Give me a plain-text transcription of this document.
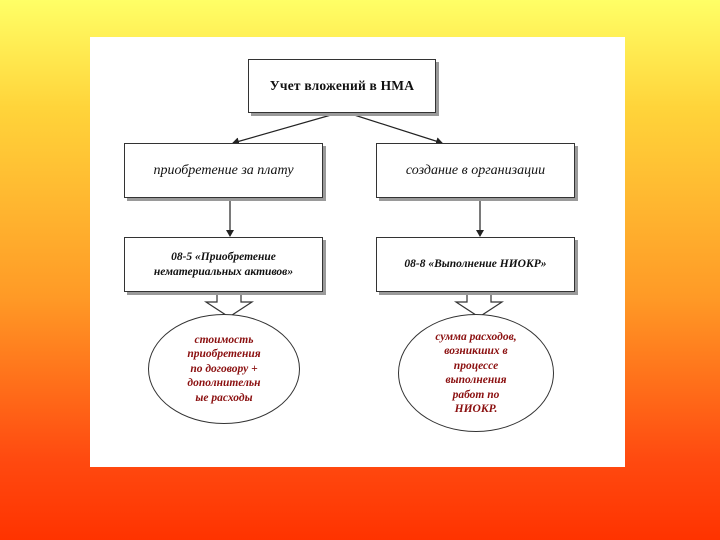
Учет вложений в НМА
приобретение за плату	создание в организации
08-5 «Приобретение
нематериальных активов»
08-8 «Выполнение НИОКР»
стоимость
приобретения
по договору +
дополнительн
ые расходы
сумма расходов,
возникших в
процессе
выполнения
работ по
НИОКР.
